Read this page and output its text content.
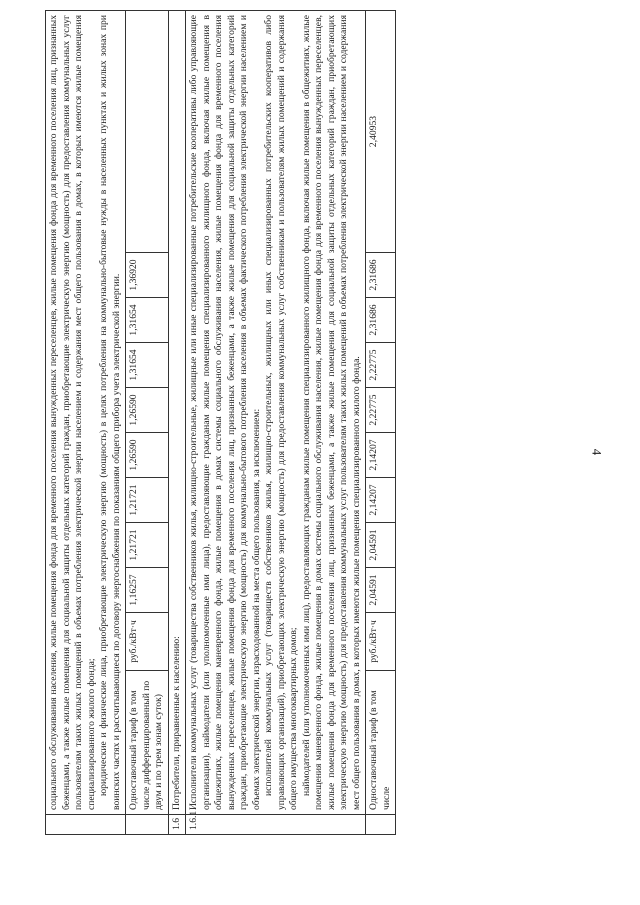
4

	социального обслуживания населения, жилые помещения фонда для временного поселения вынужденных переселенцев, жилые помещения фонда для временного поселения лиц, признанных беженцами, а также жилые помещения для социальной защиты отдельных категорий граждан, приобретающие электрическую энергию (мощность) для предоставления коммунальных услуг пользователям таких жилых помещений в объемах потребления электрической энергии населением и содержания мест общего пользования в домах, в которых имеются жилые помещения специализированного жилого фонда; юридические и физические лица, приобретающие электрическую энергию (мощность) в целях потребления на коммунально-бытовые нужды в населенных пунктах и жилых зонах при воинских частях и рассчитывающиеся по договору энергоснабжения по показаниям общего прибора учета электрической энергии.										

	Одноставочный тариф (в том числе дифференцированный по двум и по трем зонам суток)	руб./кВт·ч	1,16257	1,21721	1,21721	1,26590	1,26590	1,31654	1,31654	1,36920	
1.6	Потребители, приравненные к населению:										
1.6.1	Исполнители коммунальных услуг (товарищества собственников жилья, жилищно-строительные, жилищные или иные специализированные потребительские кооперативы либо управляющие организации), наймодатели (или уполномоченные ими лица), предоставляющие гражданам жилые помещения специализированного жилищного фонда, включая жилые помещения в общежитиях, жилые помещения маневренного фонда, жилые помещения в домах системы социального обслуживания населения, жилые помещения фонда для временного поселения вынужденных переселенцев, жилые помещения фонда для временного поселения лиц, признанных беженцами, а также жилые помещения для социальной защиты отдельных категорий граждан, приобретающие электрическую энергию (мощность) для коммунально-бытового потребления населения в объемах фактического потребления электрической энергии населением и объемах электрической энергии, израсходованной на места общего пользования, за исключением: исполнителей коммунальных услуг (товариществ собственников жилья, жилищно-строительных, жилищных или иных специализированных потребительских кооперативов либо управляющих организаций), приобретающих электрическую энергию (мощность) для предоставления коммунальных услуг собственникам и пользователям жилых помещений и содержания общего имущества многоквартирных домов; наймодателей (или уполномоченных ими лиц), предоставляющих гражданам жилые помещения специализированного жилищного фонда, включая жилые помещения в общежитиях, жилые помещения маневренного фонда, жилые помещения в домах системы социального обслуживания населения, жилые помещения фонда для временного поселения вынужденных переселенцев, жилые помещения фонда для временного поселения лиц, признанных беженцами, а также жилые помещения для социальной защиты отдельных категорий граждан, приобретающих электрическую энергию (мощность) для предоставления коммунальных услуг пользователям таких жилых помещений в объемах потребления электрической энергии населением и содержания мест общего пользования в домах, в которых имеются жилые помещения специализированного жилого фонда.										

	Одноставочный тариф (в том числе	руб./кВт·ч	2,04591	2,04591	2,14207	2,14207	2,22775	2,22775	2,31686	2,31686	2,40953
